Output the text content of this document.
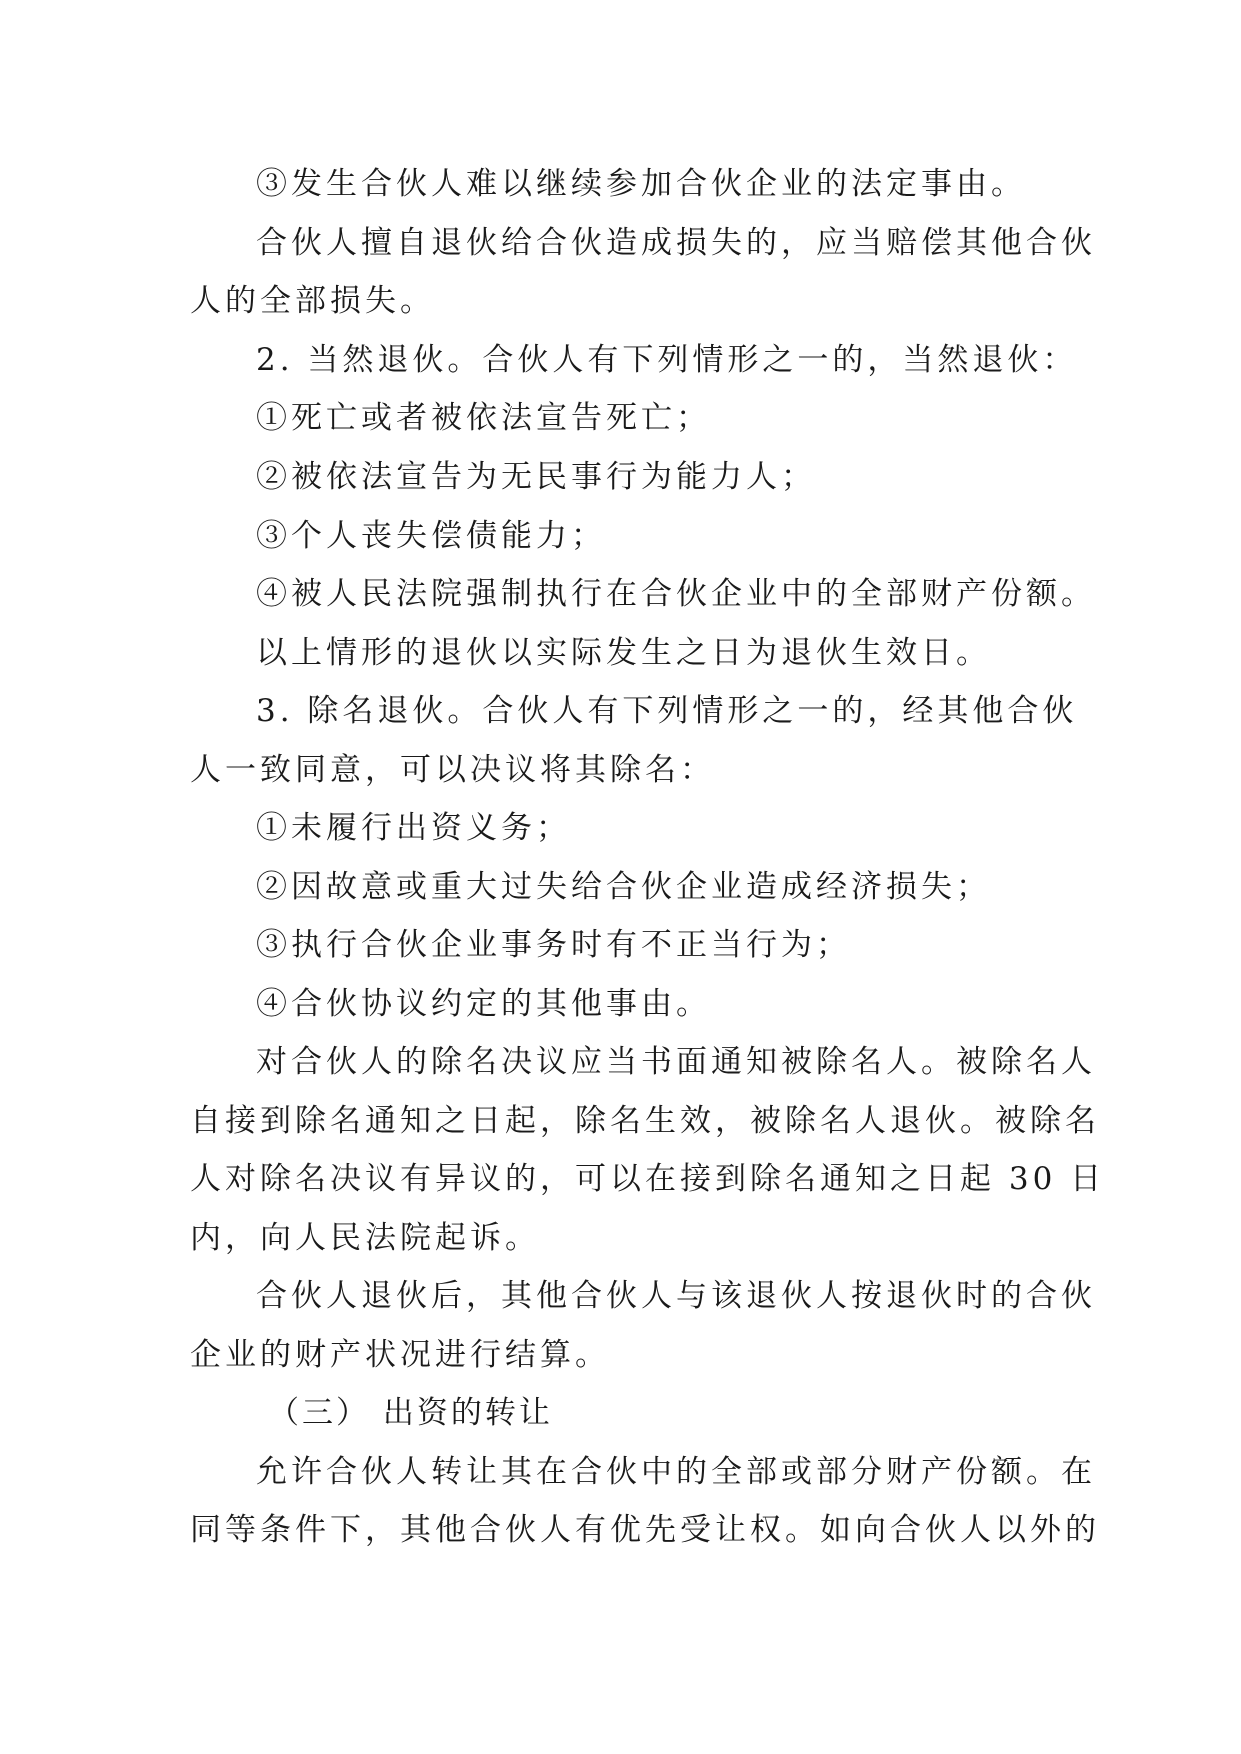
③发生合伙人难以继续参加合伙企业的法定事由。
合伙人擅自退伙给合伙造成损失的，应当赔偿其他合伙
人的全部损失。
2. 当然退伙。合伙人有下列情形之一的，当然退伙：
①死亡或者被依法宣告死亡；
②被依法宣告为无民事行为能力人；
③个人丧失偿债能力；
④被人民法院强制执行在合伙企业中的全部财产份额。
以上情形的退伙以实际发生之日为退伙生效日。
3. 除名退伙。合伙人有下列情形之一的，经其他合伙
人一致同意，可以决议将其除名：
①未履行出资义务；
②因故意或重大过失给合伙企业造成经济损失；
③执行合伙企业事务时有不正当行为；
④合伙协议约定的其他事由。
对合伙人的除名决议应当书面通知被除名人。被除名人
自接到除名通知之日起，除名生效，被除名人退伙。被除名
人对除名决议有异议的，可以在接到除名通知之日起 30 日
内，向人民法院起诉。
合伙人退伙后，其他合伙人与该退伙人按退伙时的合伙
企业的财产状况进行结算。
（三） 出资的转让
允许合伙人转让其在合伙中的全部或部分财产份额。在
同等条件下，其他合伙人有优先受让权。如向合伙人以外的
